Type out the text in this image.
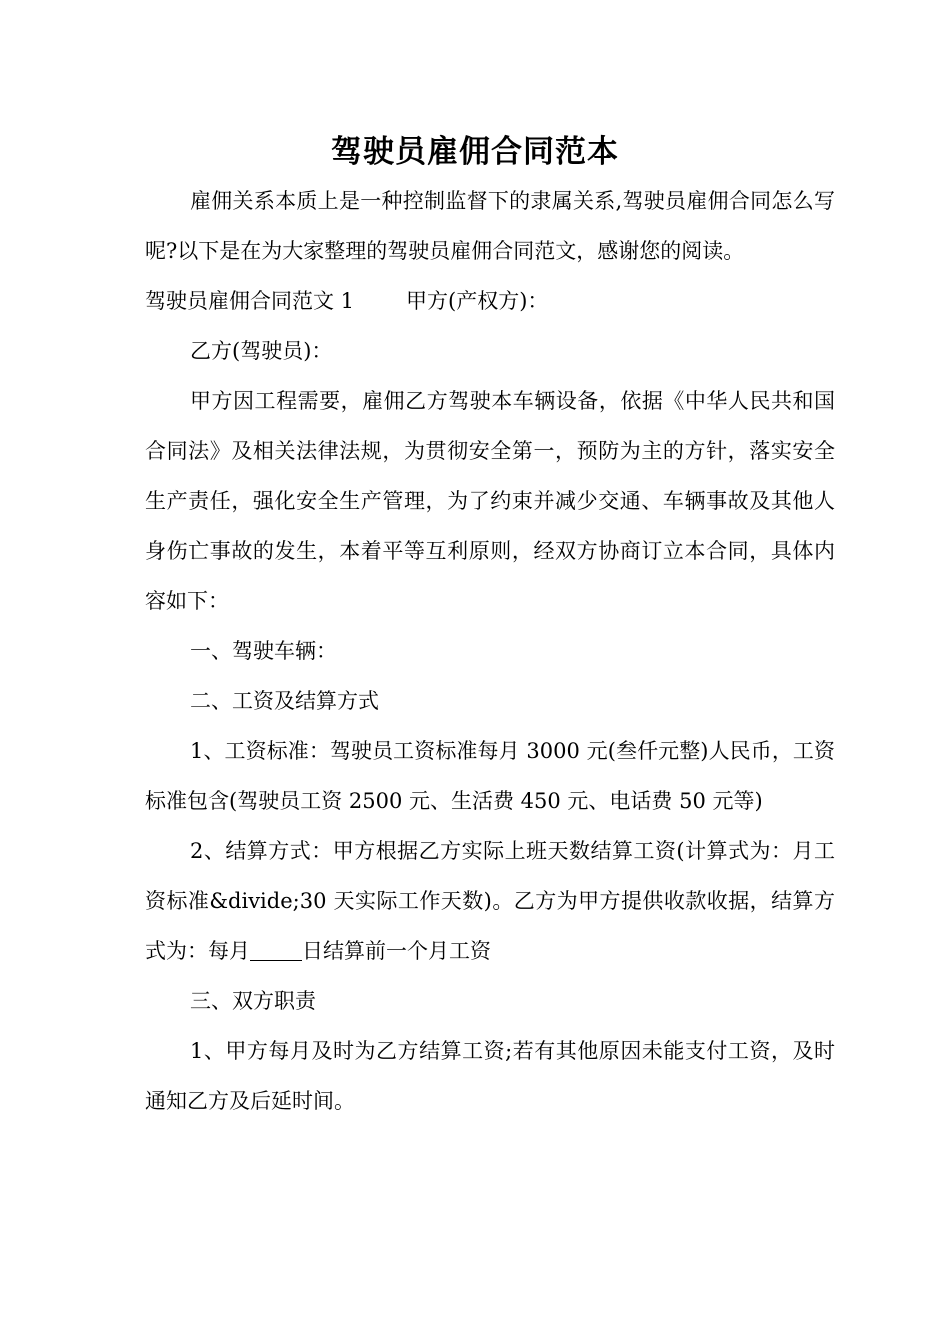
驾驶员雇佣合同范本

雇佣关系本质上是一种控制监督下的隶属关系,驾驶员雇佣合同怎么写呢?以下是在为大家整理的驾驶员雇佣合同范文，感谢您的阅读。

驾驶员雇佣合同范文 1 甲方(产权方)：

乙方(驾驶员)：

甲方因工程需要，雇佣乙方驾驶本车辆设备，依据《中华人民共和国合同法》及相关法律法规，为贯彻安全第一，预防为主的方针，落实安全生产责任，强化安全生产管理，为了约束并减少交通、车辆事故及其他人身伤亡事故的发生，本着平等互利原则，经双方协商订立本合同，具体内容如下：

一、驾驶车辆：

二、工资及结算方式

1、工资标准：驾驶员工资标准每月 3000 元(叁仟元整)人民币，工资标准包含(驾驶员工资 2500 元、生活费 450 元、电话费 50 元等)

2、结算方式：甲方根据乙方实际上班天数结算工资(计算式为：月工资标准&divide;30 天实际工作天数)。乙方为甲方提供收款收据，结算方式为：每月 日结算前一个月工资

三、双方职责

1、甲方每月及时为乙方结算工资;若有其他原因未能支付工资，及时通知乙方及后延时间。
